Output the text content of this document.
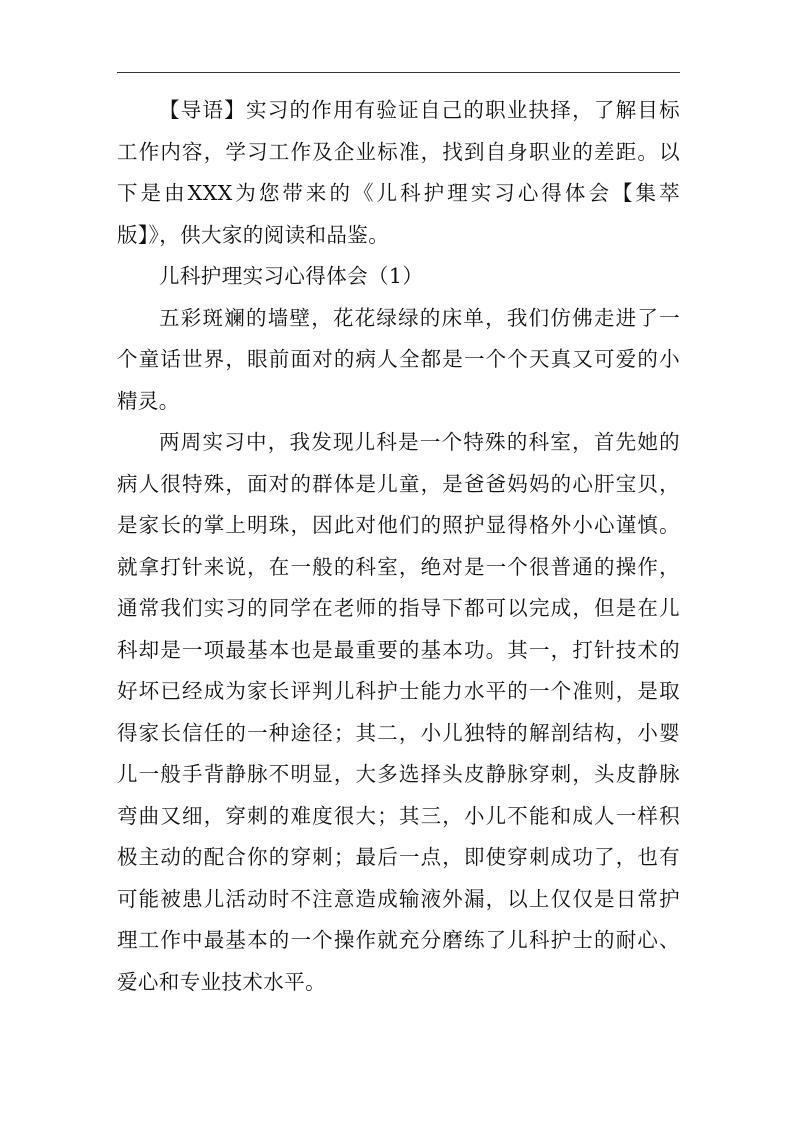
【导语】实习的作用有验证自己的职业抉择，了解目标工作内容，学习工作及企业标准，找到自身职业的差距。以下是由XXX为您带来的《儿科护理实习心得体会【集萃版】》，供大家的阅读和品鉴。

儿科护理实习心得体会（1）

五彩斑斓的墙壁，花花绿绿的床单，我们仿佛走进了一个童话世界，眼前面对的病人全都是一个个天真又可爱的小精灵。

两周实习中，我发现儿科是一个特殊的科室，首先她的病人很特殊，面对的群体是儿童，是爸爸妈妈的心肝宝贝，是家长的掌上明珠，因此对他们的照护显得格外小心谨慎。就拿打针来说，在一般的科室，绝对是一个很普通的操作，通常我们实习的同学在老师的指导下都可以完成，但是在儿科却是一项最基本也是最重要的基本功。其一，打针技术的好坏已经成为家长评判儿科护士能力水平的一个准则，是取得家长信任的一种途径；其二，小儿独特的解剖结构，小婴儿一般手背静脉不明显，大多选择头皮静脉穿刺，头皮静脉弯曲又细，穿刺的难度很大；其三，小儿不能和成人一样积极主动的配合你的穿刺；最后一点，即使穿刺成功了，也有可能被患儿活动时不注意造成输液外漏，以上仅仅是日常护理工作中最基本的一个操作就充分磨练了儿科护士的耐心、爱心和专业技术水平。
